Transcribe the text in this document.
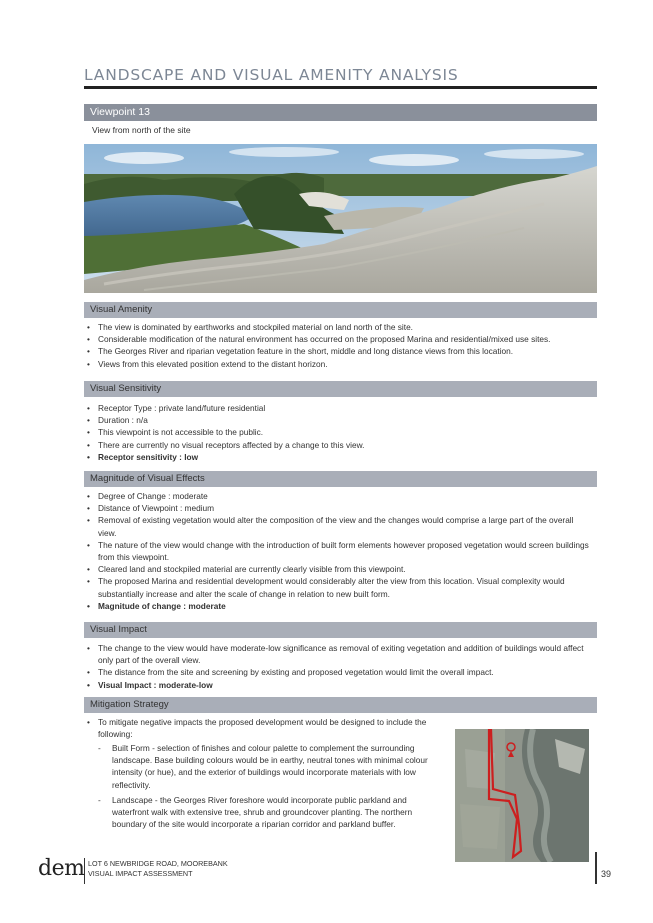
LANDSCAPE AND VISUAL AMENITY ANALYSIS
Viewpoint 13
View from north of the site
Visual Amenity
• The view is dominated by earthworks and stockpiled material on land north of the site.
• Considerable modification of the natural environment has occurred on the proposed Marina and residential/mixed use sites.
• The Georges River and riparian vegetation feature in the short, middle and long distance views from this location.
• Views from this elevated position extend to the distant horizon.
Visual Sensitivity
• Receptor Type : private land/future residential
• Duration : n/a
• This viewpoint is not accessible to the public.
• There are currently no visual receptors affected by a change to this view.
• Receptor sensitivity : low
Magnitude of Visual Effects
• Degree of Change : moderate
• Distance of Viewpoint : medium
• Removal of existing vegetation would alter the composition of the view and the changes would comprise a large part of the overall view.
• The nature of the view would change with the introduction of built form elements however proposed vegetation would screen buildings from this viewpoint.
• Cleared land and stockpiled material are currently clearly visible from this viewpoint.
• The proposed Marina and residential development would considerably alter the view from this location. Visual complexity would substantially increase and alter the scale of change in relation to new built form.
• Magnitude of change : moderate
Visual Impact
• The change to the view would have moderate-low significance as removal of exiting vegetation and addition of buildings would affect only part of the overall view.
• The distance from the site and screening by existing and proposed vegetation would limit the overall impact.
• Visual Impact : moderate-low
Mitigation Strategy
• To mitigate negative impacts the proposed development would be designed to include the following:
- Built Form - selection of finishes and colour palette to complement the surrounding landscape. Base building colours would be in earthy, neutral tones with minimal colour intensity (or hue), and the exterior of buildings would incorporate materials with low reflectivity.
- Landscape - the Georges River foreshore would incorporate public parkland and waterfront walk with extensive tree, shrub and groundcover planting. The northern boundary of the site would incorporate a riparian corridor and parkland buffer.
dem LOT 6 NEWBRIDGE ROAD, MOOREBANK
VISUAL IMPACT ASSESSMENT	39
